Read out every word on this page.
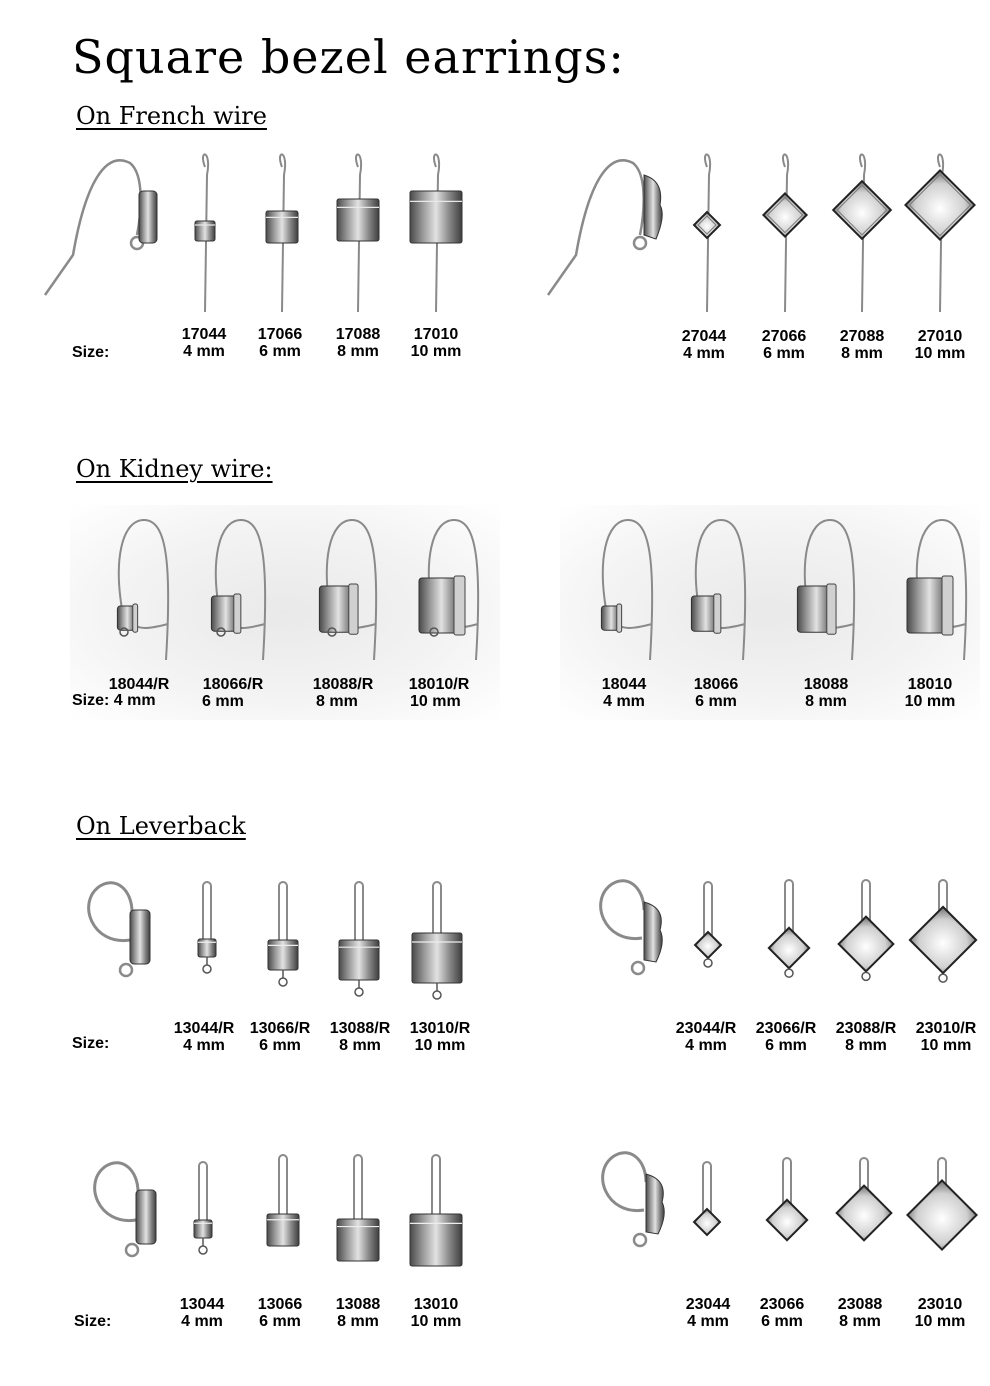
Square bezel earrings:
On French wire
On Kidney wire:
On Leverback
Size:
17044
4 mm
17066
6 mm
17088
8 mm
17010
10 mm
27044
4 mm
27066
6 mm
27088
8 mm
27010
10 mm
18044/R
Size: 4 mm
18066/R
6 mm
18088/R
8 mm
18010/R
10 mm
18044
4 mm
18066
6 mm
18088
8 mm
18010
10 mm
Size:
13044/R
4 mm
13066/R
6 mm
13088/R
8 mm
13010/R
10 mm
23044/R
4 mm
23066/R
6 mm
23088/R
8 mm
23010/R
10 mm
Size:
13044
4 mm
13066
6 mm
13088
8 mm
13010
10 mm
23044
4 mm
23066
6 mm
23088
8 mm
23010
10 mm
